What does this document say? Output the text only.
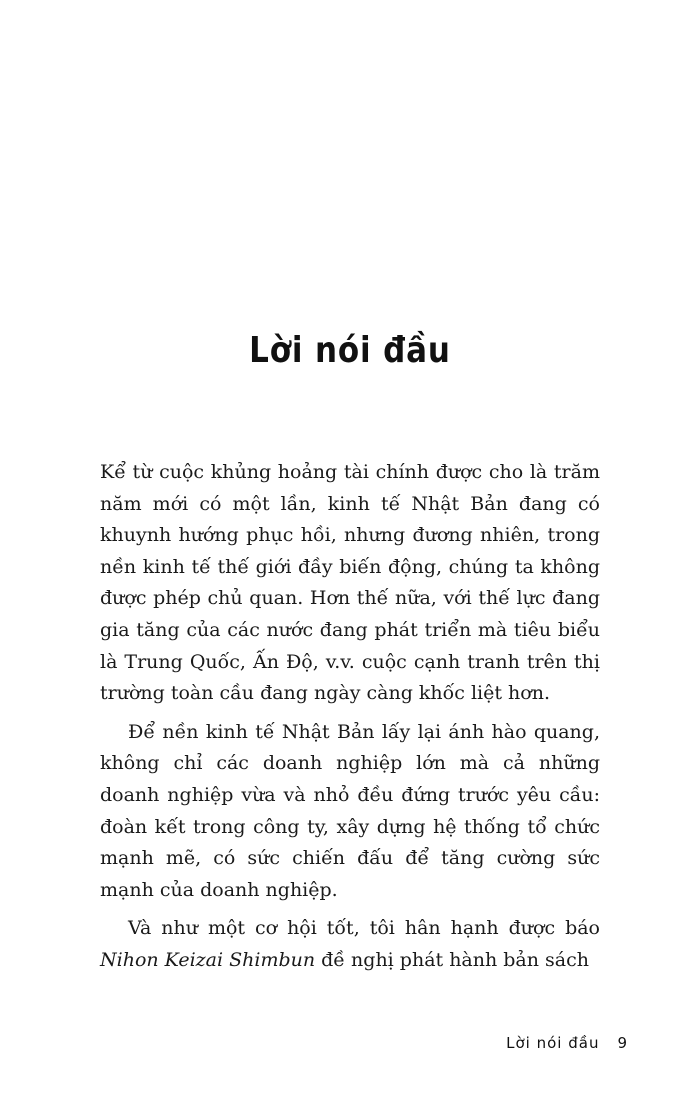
Lời nói đầu

Kể từ cuộc khủng hoảng tài chính được cho là trăm năm mới có một lần, kinh tế Nhật Bản đang có khuynh hướng phục hồi, nhưng đương nhiên, trong nền kinh tế thế giới đầy biến động, chúng ta không được phép chủ quan. Hơn thế nữa, với thế lực đang gia tăng của các nước đang phát triển mà tiêu biểu là Trung Quốc, Ấn Độ, v.v. cuộc cạnh tranh trên thị trường toàn cầu đang ngày càng khốc liệt hơn.

Để nền kinh tế Nhật Bản lấy lại ánh hào quang, không chỉ các doanh nghiệp lớn mà cả những doanh nghiệp vừa và nhỏ đều đứng trước yêu cầu: đoàn kết trong công ty, xây dựng hệ thống tổ chức mạnh mẽ, có sức chiến đấu để tăng cường sức mạnh của doanh nghiệp.

Và như một cơ hội tốt, tôi hân hạnh được báo Nihon Keizai Shimbun đề nghị phát hành bản sách

Lời nói đầu 9
